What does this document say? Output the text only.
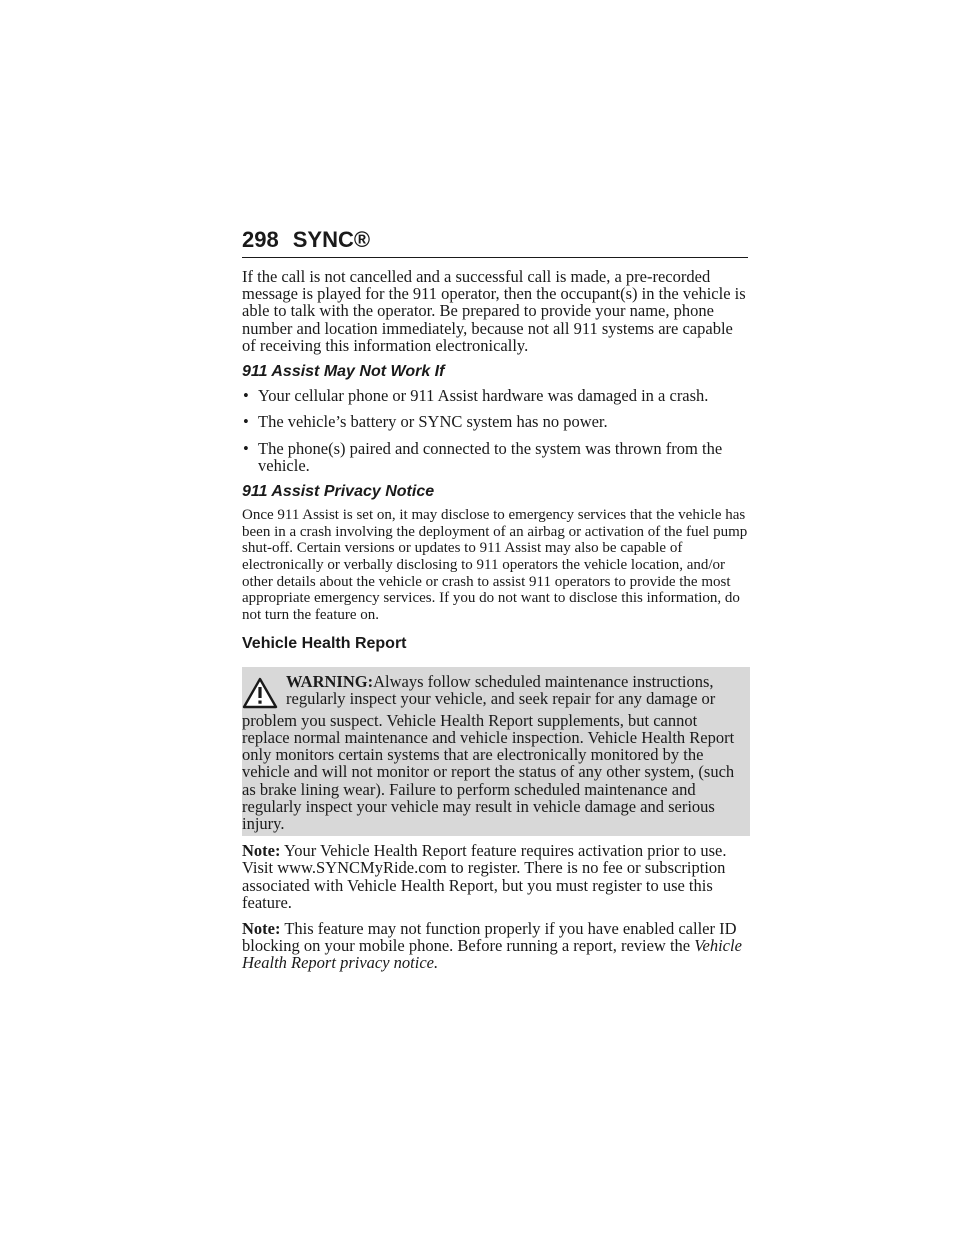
298 SYNC®

If the call is not cancelled and a successful call is made, a pre-recorded message is played for the 911 operator, then the occupant(s) in the vehicle is able to talk with the operator. Be prepared to provide your name, phone number and location immediately, because not all 911 systems are capable of receiving this information electronically.

911 Assist May Not Work If
• Your cellular phone or 911 Assist hardware was damaged in a crash.
• The vehicle’s battery or SYNC system has no power.
• The phone(s) paired and connected to the system was thrown from the vehicle.
911 Assist Privacy Notice

Once 911 Assist is set on, it may disclose to emergency services that the vehicle has been in a crash involving the deployment of an airbag or activation of the fuel pump shut-off. Certain versions or updates to 911 Assist may also be capable of electronically or verbally disclosing to 911 operators the vehicle location, and/or other details about the vehicle or crash to assist 911 operators to provide the most appropriate emergency services. If you do not want to disclose this information, do not turn the feature on.

Vehicle Health Report
WARNING:Always follow scheduled maintenance instructions, regularly inspect your vehicle, and seek repair for any damage or
problem you suspect. Vehicle Health Report supplements, but cannot replace normal maintenance and vehicle inspection. Vehicle Health Report only monitors certain systems that are electronically monitored by the vehicle and will not monitor or report the status of any other system, (such as brake lining wear). Failure to perform scheduled maintenance and regularly inspect your vehicle may result in vehicle damage and serious injury.

Note: Your Vehicle Health Report feature requires activation prior to use. Visit www.SYNCMyRide.com to register. There is no fee or subscription associated with Vehicle Health Report, but you must register to use this feature.

Note: This feature may not function properly if you have enabled caller ID blocking on your mobile phone. Before running a report, review the Vehicle Health Report privacy notice.
